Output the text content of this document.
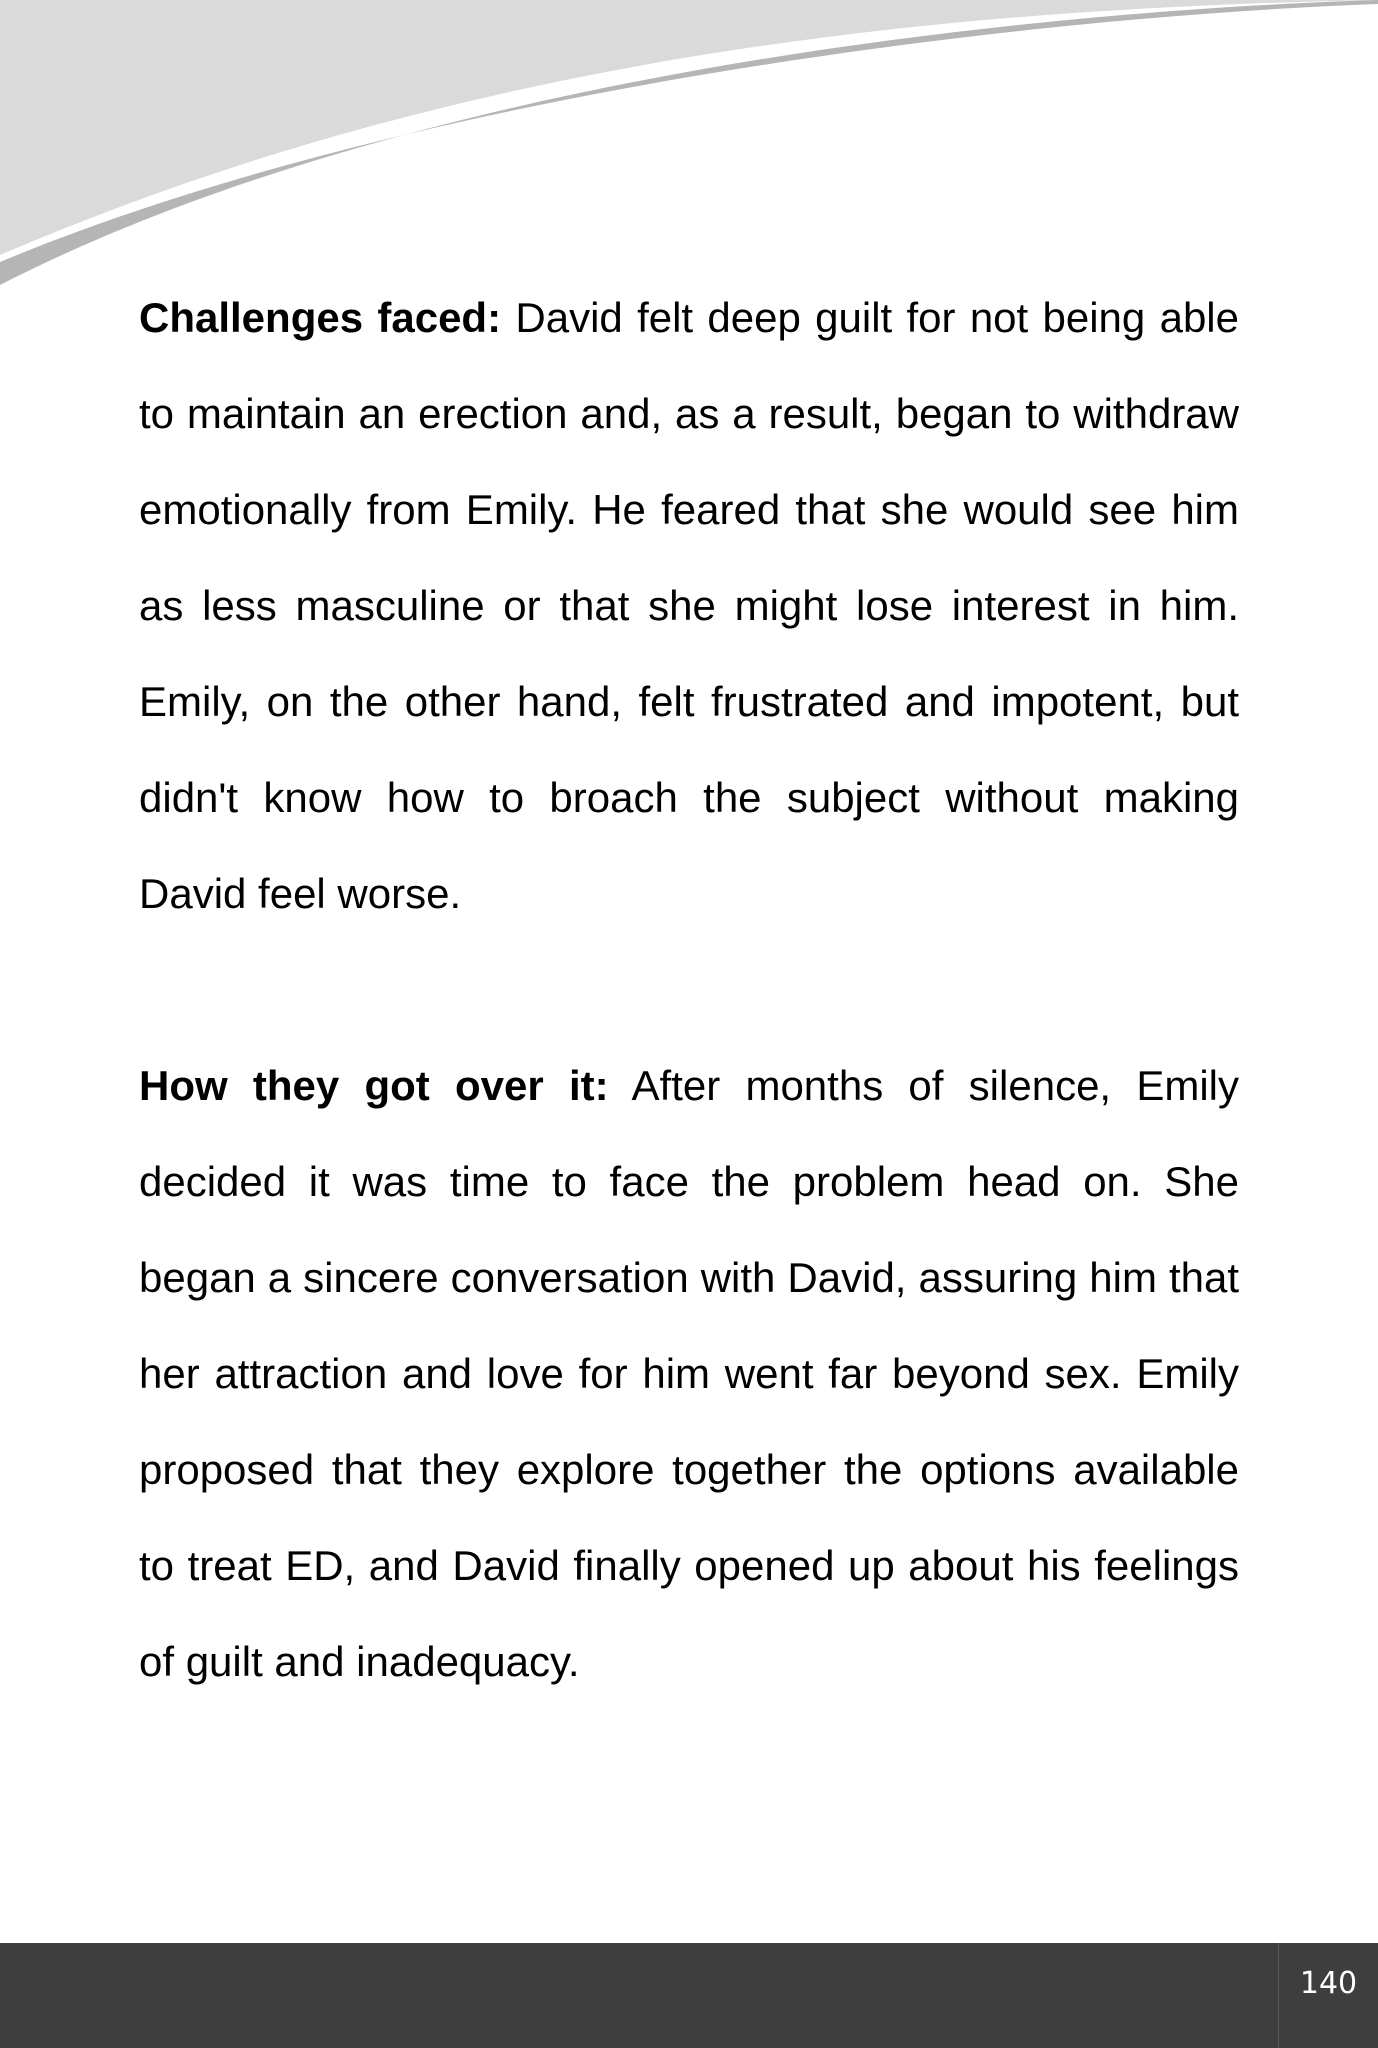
Challenges faced: David felt deep guilt for not being able to maintain an erection and, as a result, began to withdraw emotionally from Emily. He feared that she would see him as less masculine or that she might lose interest in him. Emily, on the other hand, felt frustrated and impotent, but didn't know how to broach the subject without making David feel worse.

How they got over it: After months of silence, Emily decided it was time to face the problem head on. She began a sincere conversation with David, assuring him that her attraction and love for him went far beyond sex. Emily proposed that they explore together the options available to treat ED, and David finally opened up about his feelings of guilt and inadequacy.

140
